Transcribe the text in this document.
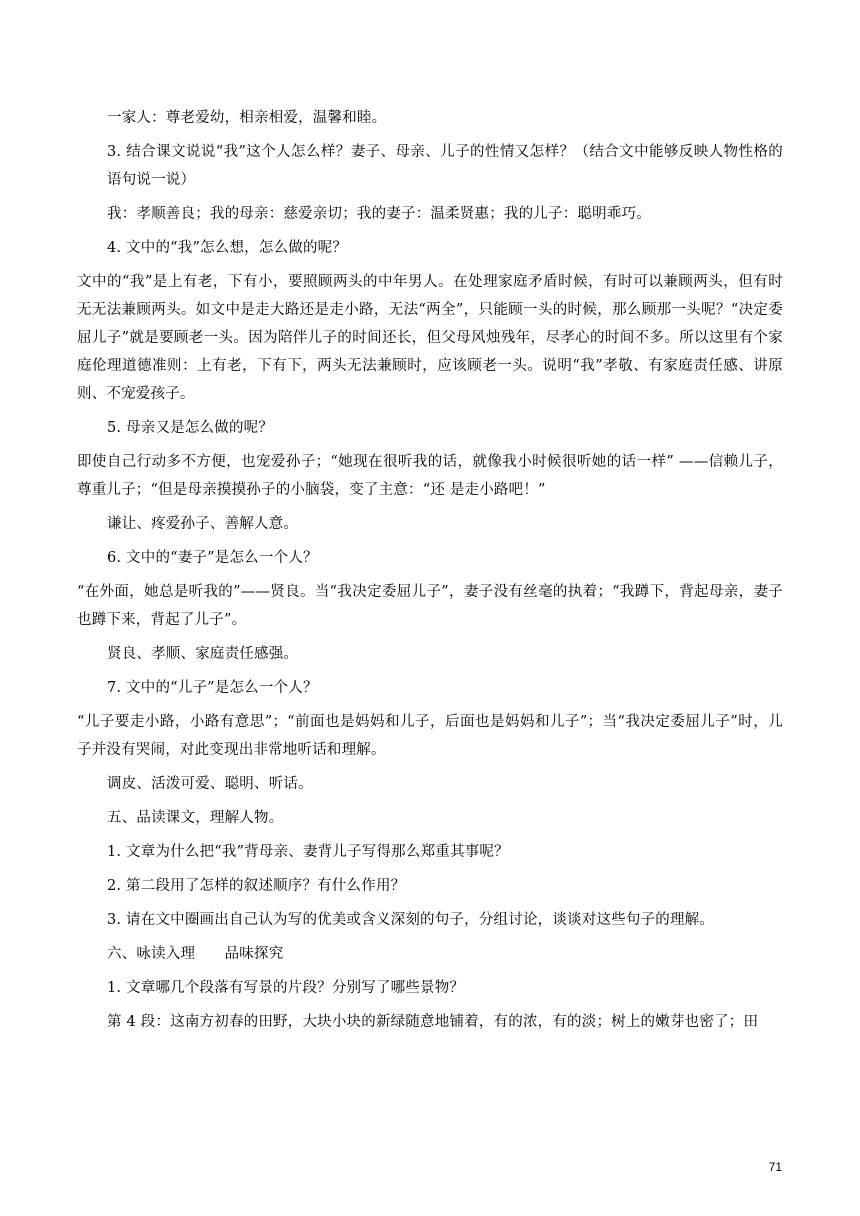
一家人：尊老爱幼，相亲相爱，温馨和睦。

3. 结合课文说说“我”这个人怎么样？妻子、母亲、儿子的性情又怎样？（结合文中能够反映人物性格的语句说一说）

我：孝顺善良；我的母亲：慈爱亲切；我的妻子：温柔贤惠；我的儿子：聪明乖巧。

4. 文中的“我”怎么想，怎么做的呢？

文中的“我”是上有老，下有小，要照顾两头的中年男人。在处理家庭矛盾时候，有时可以兼顾两头，但有时无无法兼顾两头。如文中是走大路还是走小路，无法“两全”，只能顾一头的时候，那么顾那一头呢？“决定委屈儿子”就是要顾老一头。因为陪伴儿子的时间还长，但父母风烛残年，尽孝心的时间不多。所以这里有个家庭伦理道德准则：上有老，下有下，两头无法兼顾时，应该顾老一头。说明“我”孝敬、有家庭责任感、讲原则、不宠爱孩子。

5. 母亲又是怎么做的呢？

即使自己行动多不方便，也宠爱孙子；“她现在很听我的话，就像我小时候很听她的话一样” ——信赖儿子，尊重儿子；“但是母亲摸摸孙子的小脑袋，变了主意：“还 是走小路吧！”

谦让、疼爱孙子、善解人意。

6. 文中的“妻子”是怎么一个人？

“在外面，她总是听我的”——贤良。当“我决定委屈儿子”，妻子没有丝毫的执着；“我蹲下，背起母亲，妻子也蹲下来，背起了儿子”。

贤良、孝顺、家庭责任感强。

7. 文中的“儿子”是怎么一个人？

“儿子要走小路，小路有意思”；“前面也是妈妈和儿子，后面也是妈妈和儿子”；当“我决定委屈儿子”时，儿子并没有哭闹，对此变现出非常地听话和理解。

调皮、活泼可爱、聪明、听话。

五、品读课文，理解人物。

1. 文章为什么把“我”背母亲、妻背儿子写得那么郑重其事呢？

2. 第二段用了怎样的叙述顺序？有什么作用？

3. 请在文中圈画出自己认为写的优美或含义深刻的句子，分组讨论，谈谈对这些句子的理解。

六、咏读入理　　品味探究

1. 文章哪几个段落有写景的片段？分别写了哪些景物？

第 4 段：这南方初春的田野，大块小块的新绿随意地铺着，有的浓，有的淡；树上的嫩芽也密了；田

71
